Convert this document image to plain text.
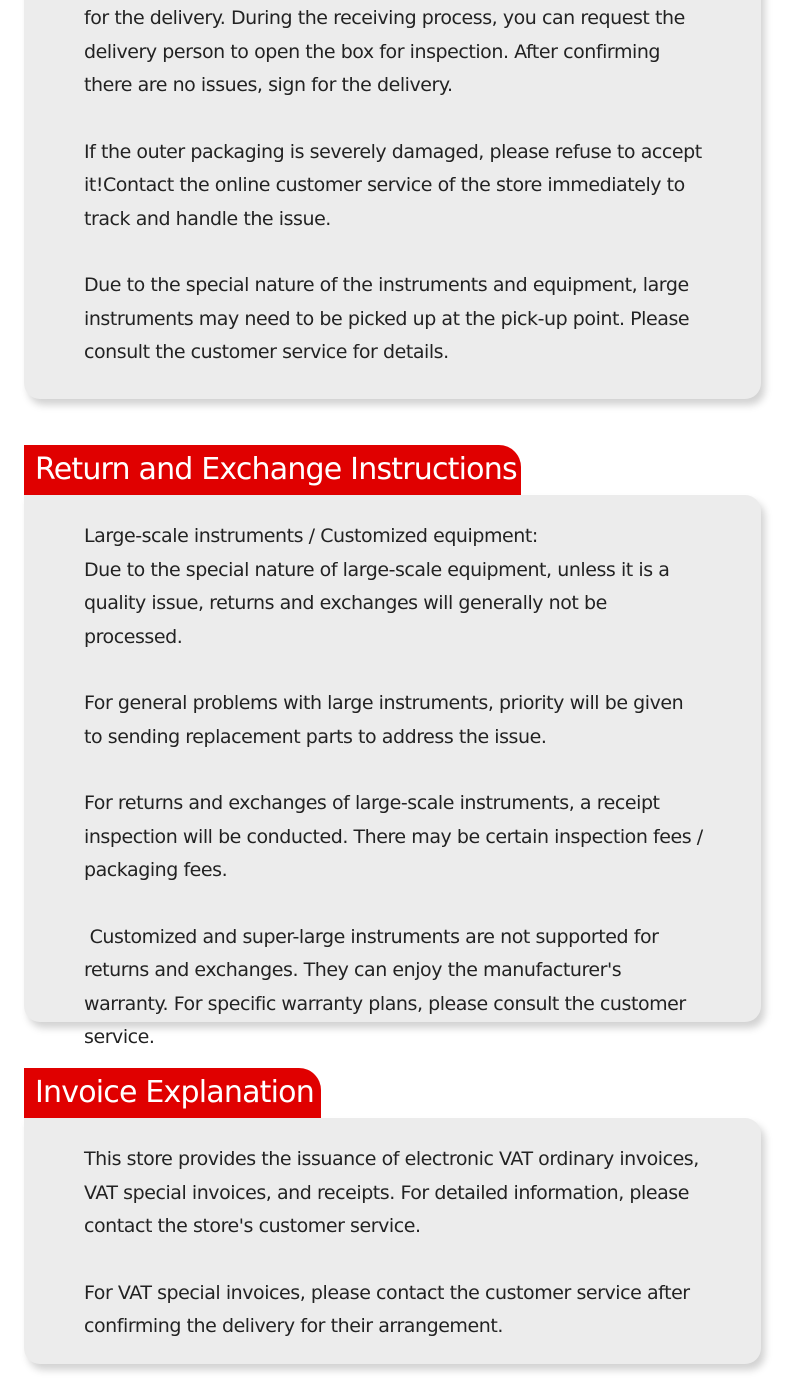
for the delivery. During the receiving process, you can request the delivery person to open the box for inspection. After confirming there are no issues, sign for the delivery.

If the outer packaging is severely damaged, please refuse to accept it!Contact the online customer service of the store immediately to track and handle the issue.

Due to the special nature of the instruments and equipment, large instruments may need to be picked up at the pick-up point. Please consult the customer service for details.

Return and Exchange Instructions

Large-scale instruments / Customized equipment:

Due to the special nature of large-scale equipment, unless it is a quality issue, returns and exchanges will generally not be processed.

For general problems with large instruments, priority will be given to sending replacement parts to address the issue.

For returns and exchanges of large-scale instruments, a receipt inspection will be conducted. There may be certain inspection fees / packaging fees.

Customized and super-large instruments are not supported for returns and exchanges. They can enjoy the manufacturer's warranty. For specific warranty plans, please consult the customer service.

Invoice Explanation

This store provides the issuance of electronic VAT ordinary invoices, VAT special invoices, and receipts. For detailed information, please contact the store's customer service.

For VAT special invoices, please contact the customer service after confirming the delivery for their arrangement.
